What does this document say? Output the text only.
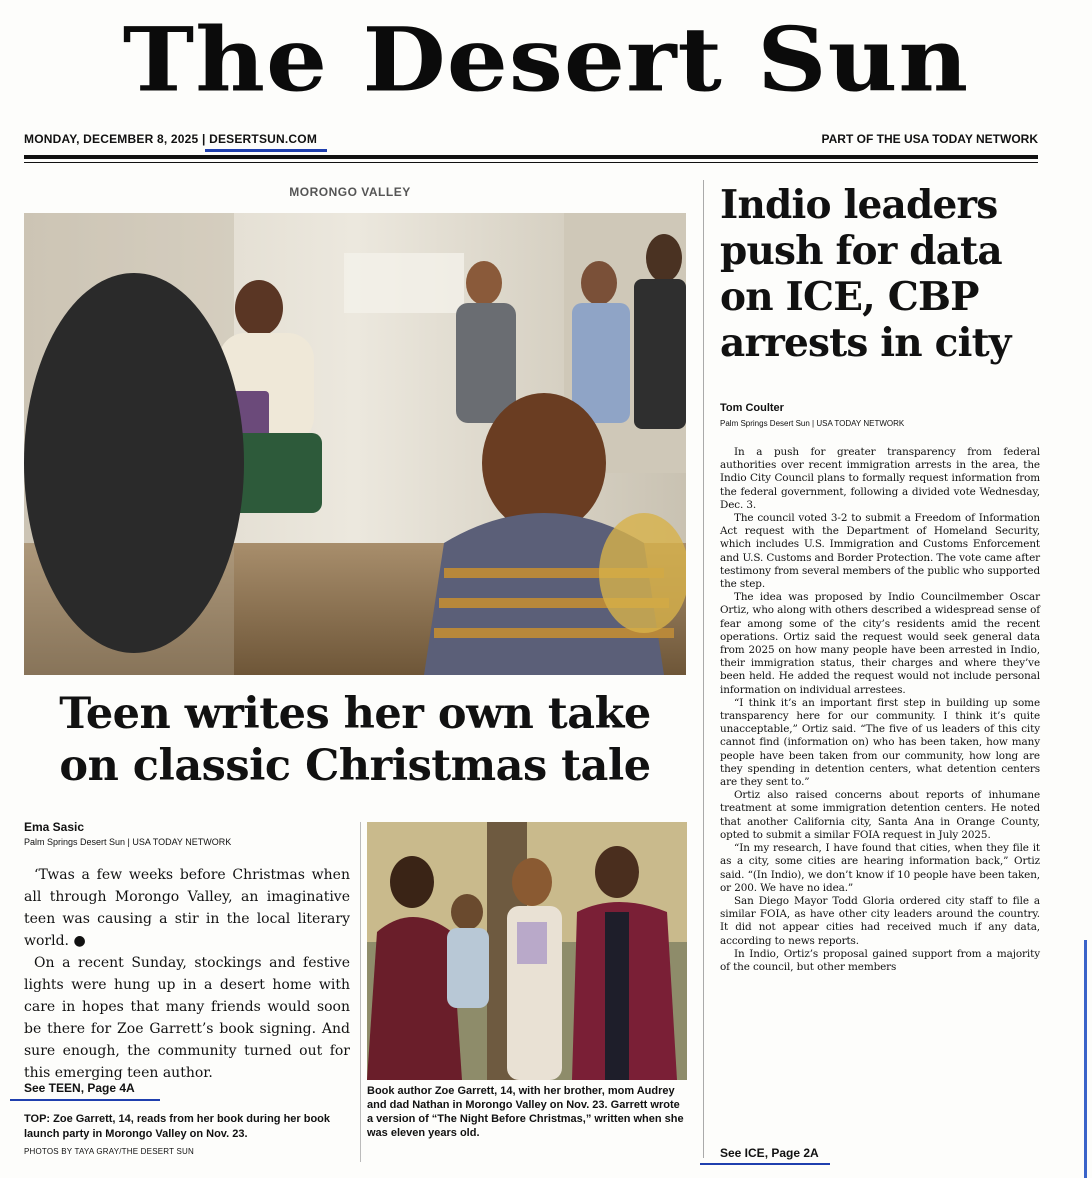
The Desert Sun
MONDAY, DECEMBER 8, 2025 | DESERTSUN.COM	PART OF THE USA TODAY NETWORK
MORONGO VALLEY
Teen writes her own take
on classic Christmas tale
Ema Sasic
Palm Springs Desert Sun | USA TODAY NETWORK

‘Twas a few weeks before Christmas when all through Morongo Valley, an imaginative teen was causing a stir in the local literary world. ●

On a recent Sunday, stockings and festive lights were hung up in a desert home with care in hopes that many friends would soon be there for Zoe Garrett’s book signing. And sure enough, the community turned out for this emerging teen author.

See TEEN, Page 4A
TOP: Zoe Garrett, 14, reads from her book during her book launch party in Morongo Valley on Nov. 23.
PHOTOS BY TAYA GRAY/THE DESERT SUN
Book author Zoe Garrett, 14, with her brother, mom Audrey and dad Nathan in Morongo Valley on Nov. 23. Garrett wrote a version of “The Night Before Christmas,” written when she was eleven years old.
Indio leaders
push for data
on ICE, CBP
arrests in city
Tom Coulter
Palm Springs Desert Sun | USA TODAY NETWORK

In a push for greater transparency from federal authorities over recent immigration arrests in the area, the Indio City Council plans to formally request information from the federal government, following a divided vote Wednesday, Dec. 3.

The council voted 3-2 to submit a Freedom of Information Act request with the Department of Homeland Security, which includes U.S. Immigration and Customs Enforcement and U.S. Customs and Border Protection. The vote came after testimony from several members of the public who supported the step.

The idea was proposed by Indio Councilmember Oscar Ortiz, who along with others described a widespread sense of fear among some of the city’s residents amid the recent operations. Ortiz said the request would seek general data from 2025 on how many people have been arrested in Indio, their immigration status, their charges and where they’ve been held. He added the request would not include personal information on individual arrestees.

“I think it’s an important first step in building up some transparency here for our community. I think it’s quite unacceptable,” Ortiz said. “The five of us leaders of this city cannot find (information on) who has been taken, how many people have been taken from our community, how long are they spending in detention centers, what detention centers are they sent to.”

Ortiz also raised concerns about reports of inhumane treatment at some immigration detention centers. He noted that another California city, Santa Ana in Orange County, opted to submit a similar FOIA request in July 2025.

“In my research, I have found that cities, when they file it as a city, some cities are hearing information back,” Ortiz said. “(In Indio), we don’t know if 10 people have been taken, or 200. We have no idea.”

San Diego Mayor Todd Gloria ordered city staff to file a similar FOIA, as have other city leaders around the country. It did not appear cities had received much if any data, according to news reports.

In Indio, Ortiz’s proposal gained support from a majority of the council, but other members

See ICE, Page 2A
